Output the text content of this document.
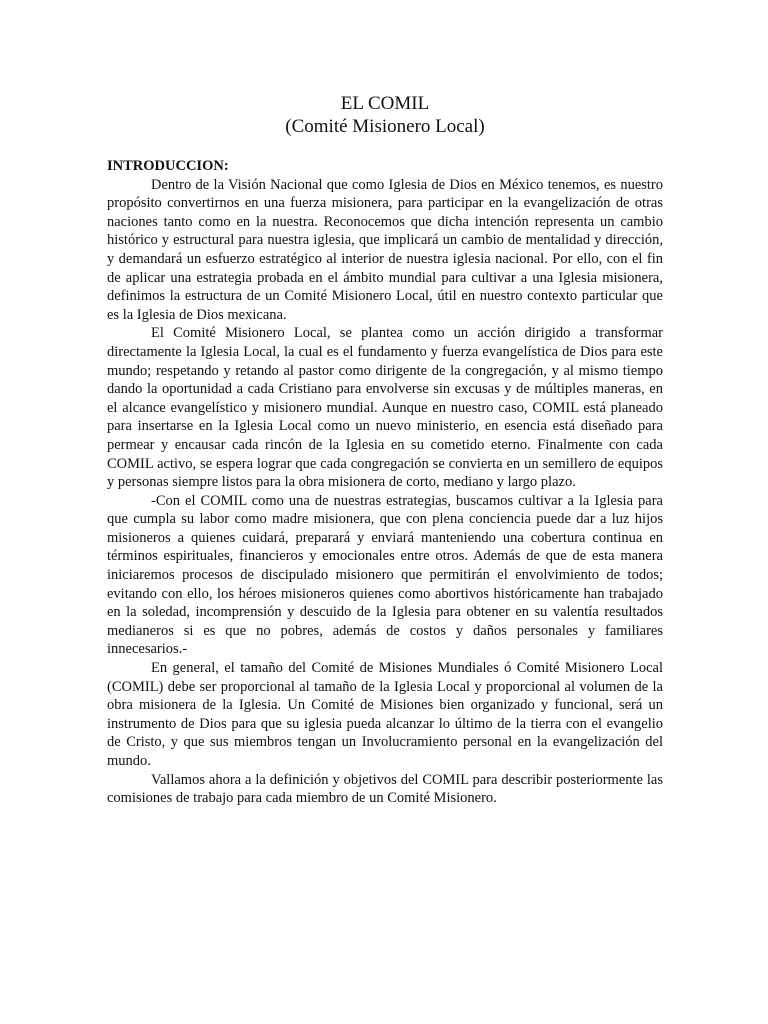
EL COMIL

(Comité Misionero Local)

INTRODUCCION:

Dentro de la Visión Nacional que como Iglesia de Dios en México tenemos, es nuestro propósito convertirnos en una fuerza misionera, para participar en la evangelización de otras naciones tanto como en la nuestra. Reconocemos que dicha intención representa un cambio histórico y estructural para nuestra iglesia, que implicará un cambio de mentalidad y dirección, y demandará un esfuerzo estratégico al interior de nuestra iglesia nacional. Por ello, con el fin de aplicar una estrategia probada en el ámbito mundial para cultivar a una Iglesia misionera, definimos la estructura de un Comité Misionero Local, útil en nuestro contexto particular que es la Iglesia de Dios mexicana.

El Comité Misionero Local, se plantea como un acción dirigido a transformar directamente la Iglesia Local, la cual es el fundamento y fuerza evangelística de Dios para este mundo; respetando y retando al pastor como dirigente de la congregación, y al mismo tiempo dando la oportunidad a cada Cristiano para envolverse sin excusas y de múltiples maneras, en el alcance evangelístico y misionero mundial. Aunque en nuestro caso, COMIL está planeado para insertarse en la Iglesia Local como un nuevo ministerio, en esencia está diseñado para permear y encausar cada rincón de la Iglesia en su cometido eterno. Finalmente con cada COMIL activo, se espera lograr que cada congregación se convierta en un semillero de equipos y personas siempre listos para la obra misionera de corto, mediano y largo plazo.

-Con el COMIL como una de nuestras estrategias, buscamos cultivar a la Iglesia para que cumpla su labor como madre misionera, que con plena conciencia puede dar a luz hijos misioneros a quienes cuidará, preparará y enviará manteniendo una cobertura continua en términos espirituales, financieros y emocionales entre otros. Además de que de esta manera iniciaremos procesos de discipulado misionero que permitirán el envolvimiento de todos; evitando con ello, los héroes misioneros quienes como abortivos históricamente han trabajado en la soledad, incomprensión y descuido de la Iglesia para obtener en su valentía resultados medianeros si es que no pobres, además de costos y daños personales y familiares innecesarios.-

En general, el tamaño del Comité de Misiones Mundiales ó Comité Misionero Local (COMIL) debe ser proporcional al tamaño de la Iglesia Local y proporcional al volumen de la obra misionera de la Iglesia. Un Comité de Misiones bien organizado y funcional, será un instrumento de Dios para que su iglesia pueda alcanzar lo último de la tierra con el evangelio de Cristo, y que sus miembros tengan un Involucramiento personal en la evangelización del mundo.

Vallamos ahora a la definición y objetivos del COMIL para describir posteriormente las comisiones de trabajo para cada miembro de un Comité Misionero.
